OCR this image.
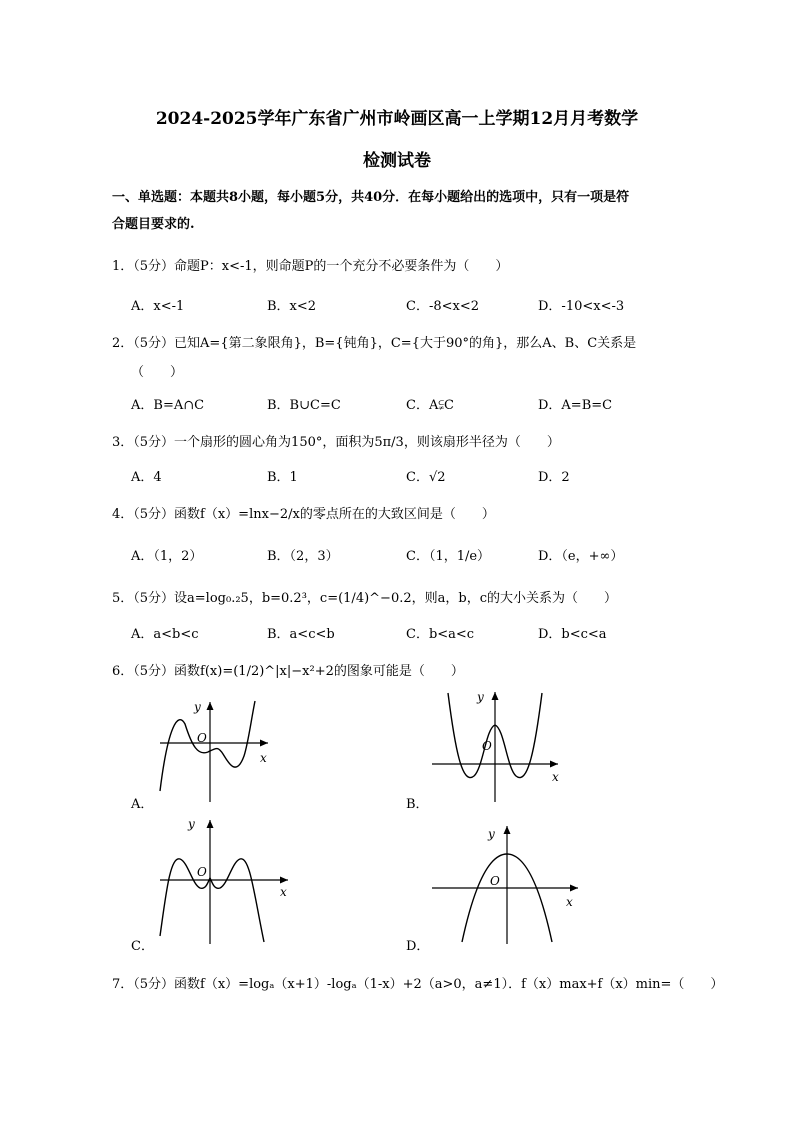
2024-2025学年广东省广州市岭画区高一上学期12月月考数学
检测试卷
一、单选题：本题共8小题，每小题5分，共40分．在每小题给出的选项中，只有一项是符
合题目要求的.
1．（5分）命题P：x<-1，则命题P的一个充分不必要条件为（　　）
A．x<-1	B．x<2	C．-8<x<2	D．-10<x<-3
2．（5分）已知A={第二象限角}，B={钝角}，C={大于90°的角}，那么A、B、C关系是
（　　）
A．B=A∩C	B．B∪C=C	C．A⫋C	D．A=B=C
3．（5分）一个扇形的圆心角为150°，面积为5π/3，则该扇形半径为（　　）
A．4	B．1	C．√2	D．2
4．（5分）函数f（x）=lnx−2/x的零点所在的大致区间是（　　）
A．（1，2）	B．（2，3）	C．（1，1/e）	D．（e，+∞）
5．（5分）设a=log₀.₂5，b=0.2³，c=(1/4)^−0.2，则a，b，c的大小关系为（　　）
A．a<b<c	B．a<c<b	C．b<a<c	D．b<c<a
6．（5分）函数f(x)=(1/2)^|x|−x²+2的图象可能是（　　）
y
x
O
A．
y
x
O
B．
y
x
O
C．
y
x
O
D．
7．（5分）函数f（x）=logₐ（x+1）-logₐ（1-x）+2（a>0，a≠1）．f（x）max+f（x）min=（　　）
